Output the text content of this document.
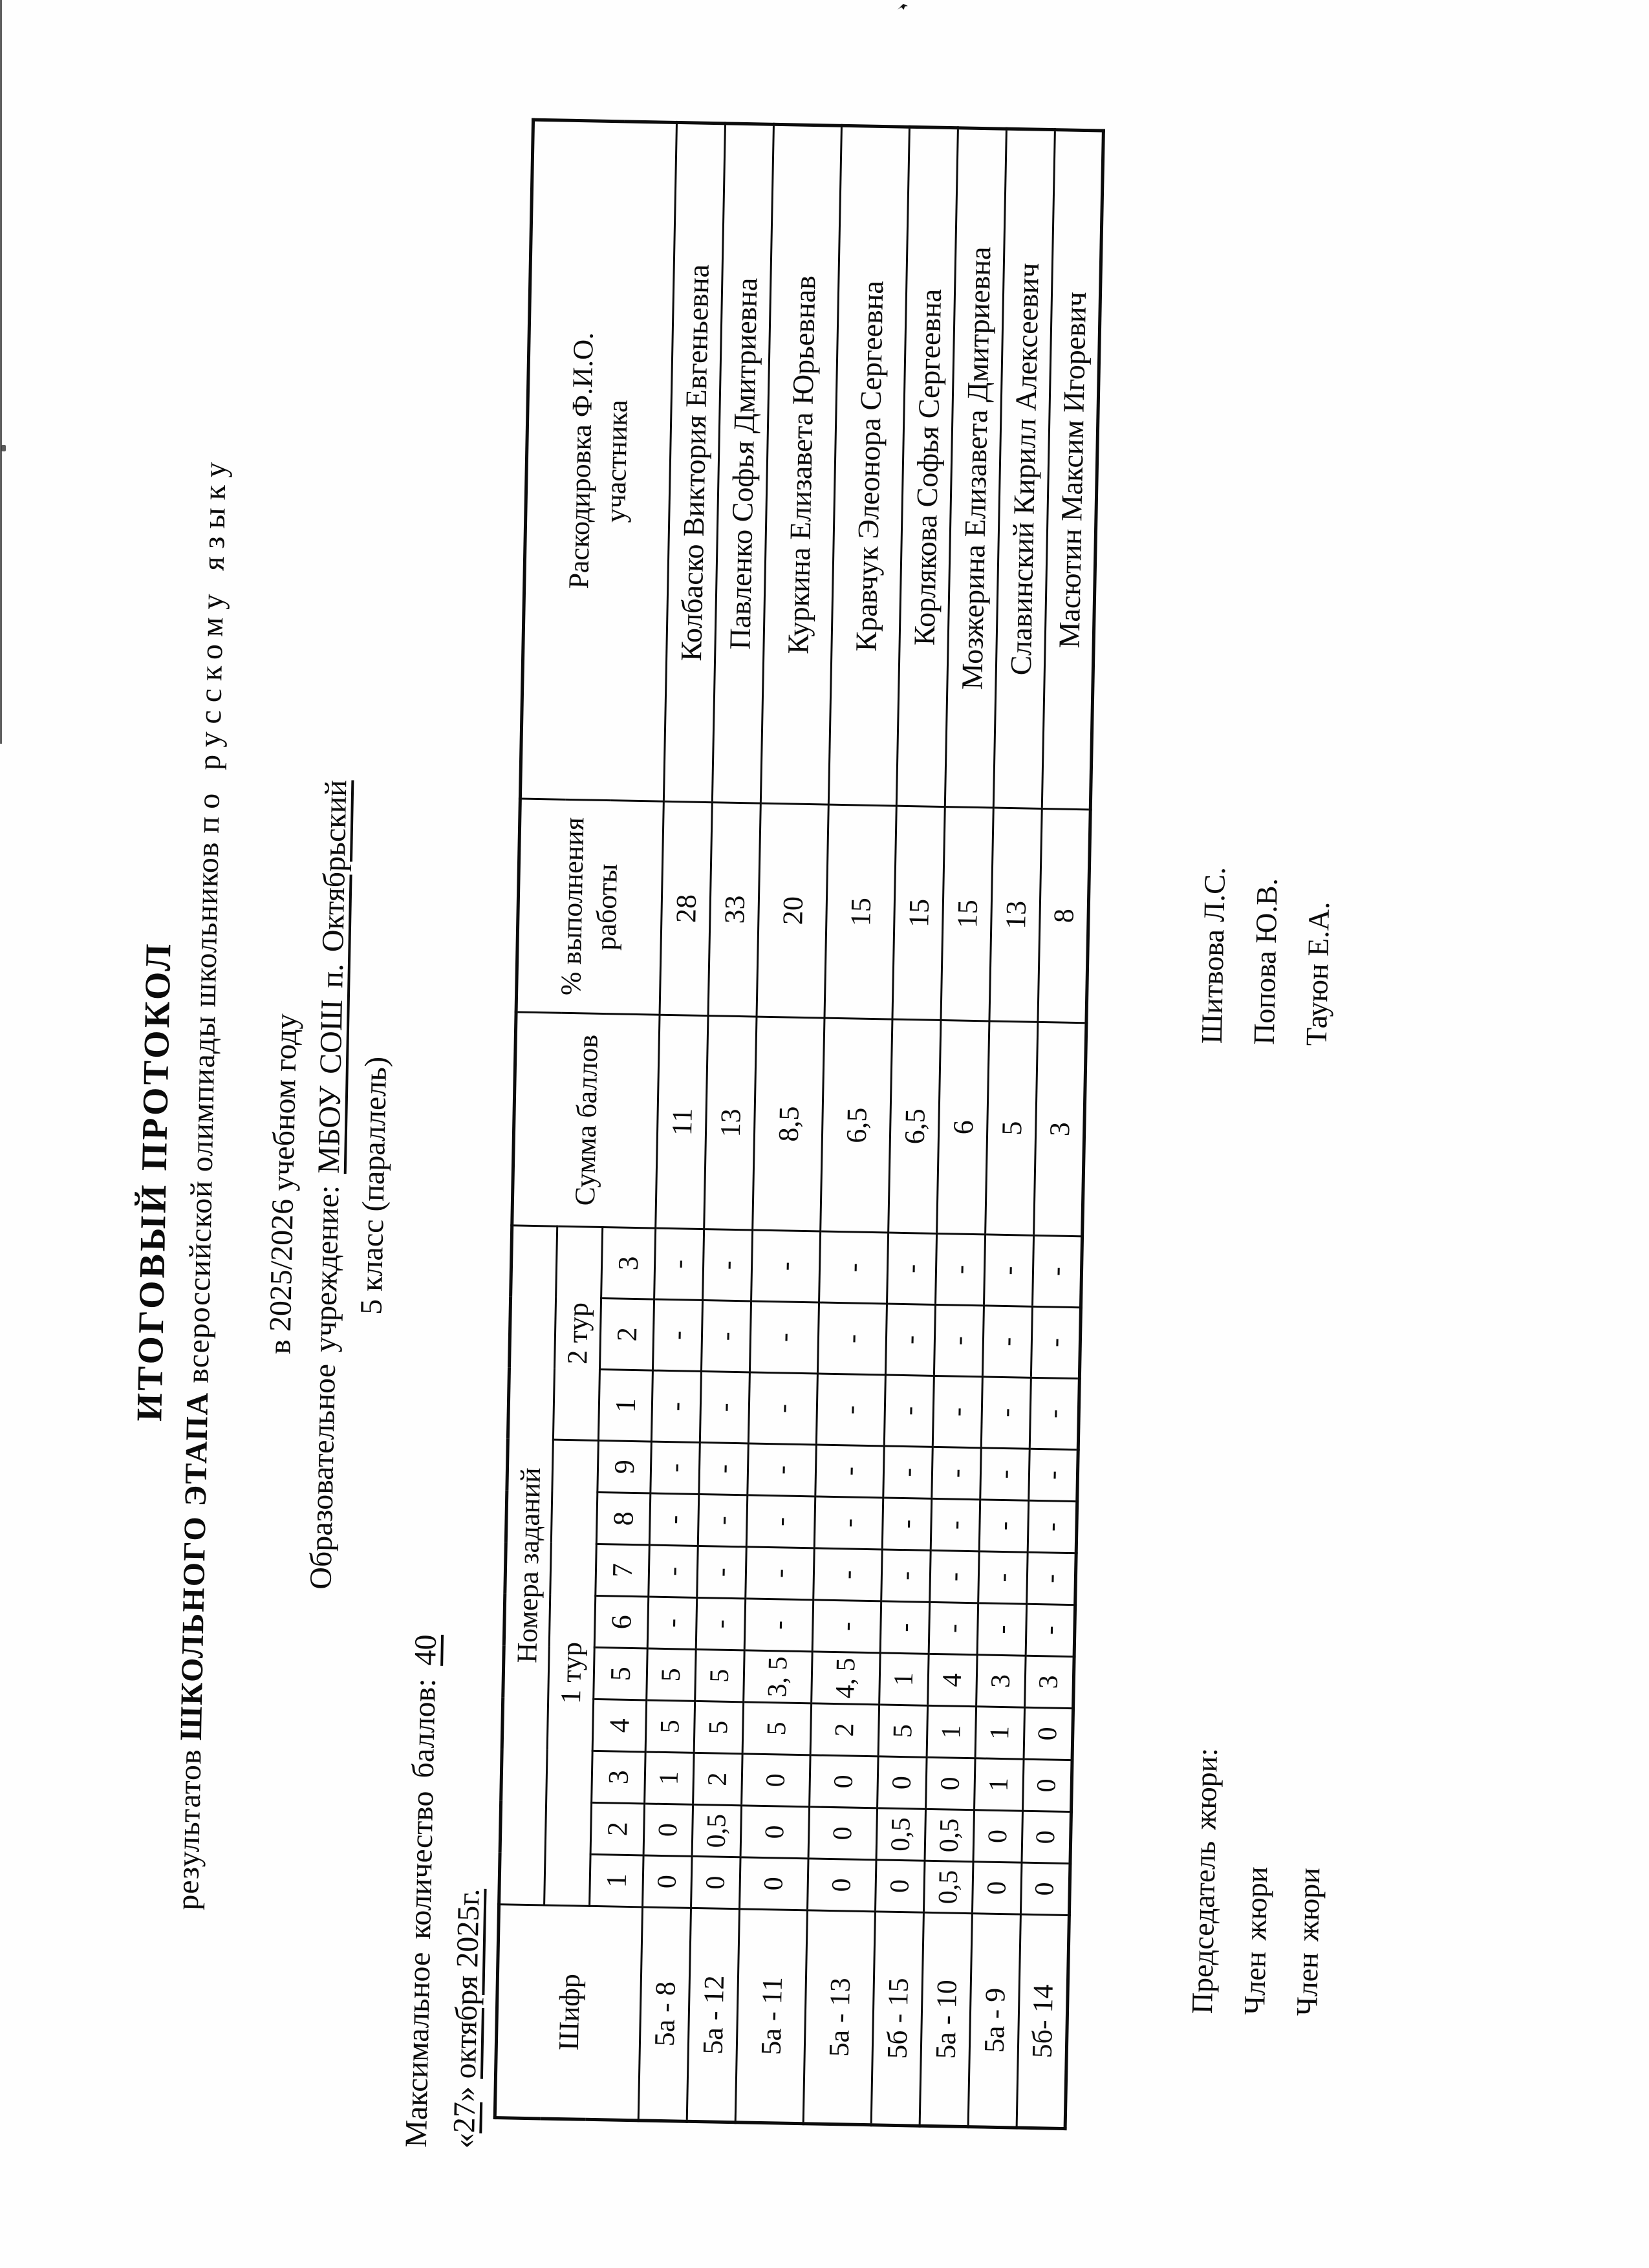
ИТОГОВЫЙ ПРОТОКОЛ
результатов ШКОЛЬНОГО ЭТАПА всероссийской олимпиады школьников по русскому языку
в 2025/2026 учебном году Образовательное учреждение: МБОУ СОШ п. Октябрьский
5 класс (параллель)
Максимальное количество баллов: 40
«27» октября 2025г. Шифр	Номера заданий												Сумма баллов	% выполнения работы	Раскодировка Ф.И.О. участника

	1 тур									2 тур					
	1	2	3	4	5	6	7	8	9	1	2	3			
5а - 8	0	0	1	5	5	-	-	-	-	-	-	-	11	28	Колбаско Виктория Евгеньевна
5а - 12	0	0,5	2	5	5	-	-	-	-	-	-	-	13	33	Павленко Софья Дмитриевна
5а - 11	0	0	0	5	3, 5	-	-	-	-	-	-	-	8,5	20	Куркина Елизавета Юрьевнав
5а - 13	0	0	0	2	4, 5	-	-	-	-	-	-	-	6,5	15	Кравчук Элеонора Сергеевна
5б - 15	0	0,5	0	5	1	-	-	-	-	-	-	-	6,5	15	Корлякова Софья Сергеевна
5а - 10	0,5	0,5	0	1	4	-	-	-	-	-	-	-	6	15	Мозжерина Елизавета Дмитриевна
5а - 9	0	0	1	1	3	-	-	-	-	-	-	-	5	13	Славинский Кирилл Алексеевич
5б- 14	0	0	0	0	3	-	-	-	-	-	-	-	3	8	Масютин Максим Игоревич
Председатель жюри:
Шитвова Л.С.
Член жюри
Попова Ю.В.
Член жюри
Тауюн Е.А.
